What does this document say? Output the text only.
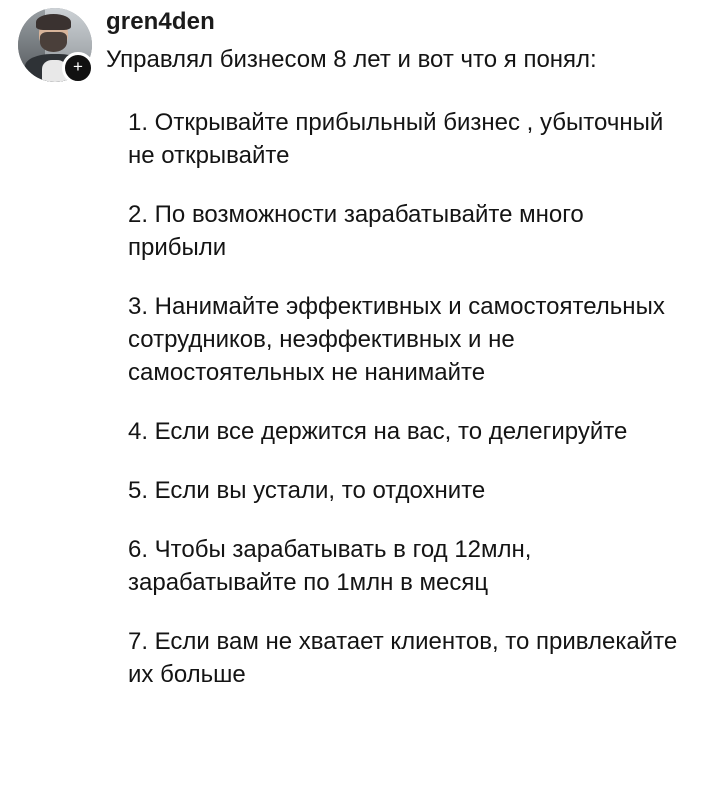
+
gren4den
Управлял бизнесом 8 лет и вот что я понял:
1. Открывайте прибыльный бизнес , убыточный не открывайте
2. По возможности зарабатывайте много прибыли
3. Нанимайте эффективных и самостоятельных сотрудников, неэффективных и не самостоятельных не нанимайте
4. Если все держится на вас, то делегируйте
5. Если вы устали, то отдохните
6. Чтобы зарабатывать в год 12млн, зарабатывайте по 1млн в месяц
7. Если вам не хватает клиентов, то привлекайте их больше
